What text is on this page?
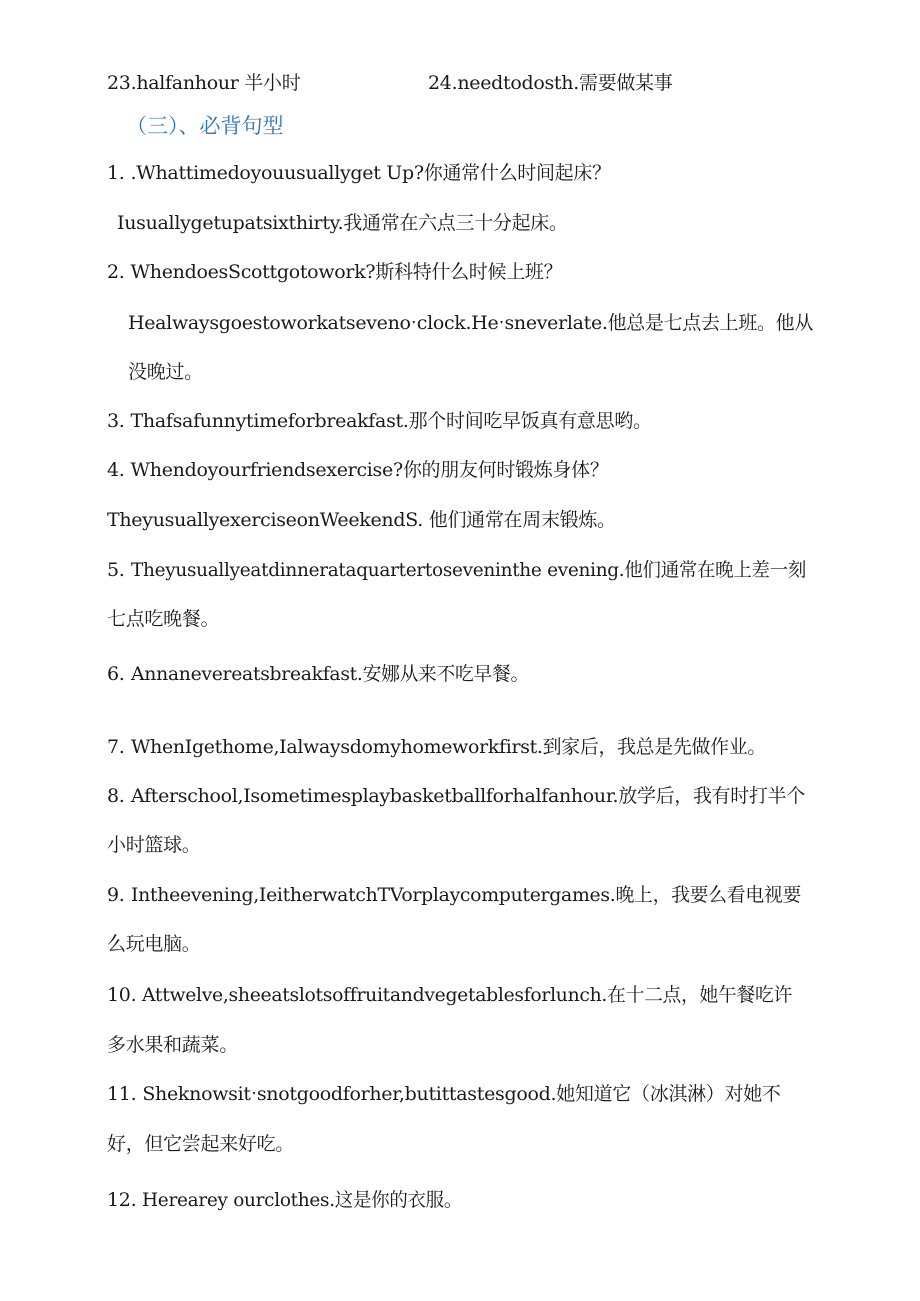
23.halfanhour 半小时	24.needtodosth.需要做某事
（三）、必背句型
1. .Whattimedoyouusuallyget Up?你通常什么时间起床？
Iusuallygetupatsixthirty.我通常在六点三十分起床。
2. WhendoesScottgotowork?斯科特什么时候上班？
Healwaysgoestoworkatsevenoˑclock.Heˑsneverlate.他总是七点去上班。他从
没晚过。
3. Thafsafunnytimeforbreakfast.那个时间吃早饭真有意思哟。
4. Whendoyourfriendsexercise?你的朋友何时锻炼身体？
TheyusuallyexerciseonWeekendS. 他们通常在周末锻炼。
5. Theyusuallyeatdinnerataquartertoseveninthe evening.他们通常在晚上差一刻
七点吃晚餐。
6. Annanevereatsbreakfast.安娜从来不吃早餐。
7. WhenIgethome,Ialwaysdomyhomeworkfirst.到家后，我总是先做作业。
8. Afterschool,Isometimesplaybasketballforhalfanhour.放学后，我有时打半个
小时篮球。
9. Intheevening,IeitherwatchTVorplaycomputergames.晚上，我要么看电视要
么玩电脑。
10. Attwelve,sheeatslotsoffruitandvegetablesforlunch.在十二点，她午餐吃许
多水果和蔬菜。
11. Sheknowsitˑsnotgoodforher,butittastesgood.她知道它（冰淇淋）对她不
好，但它尝起来好吃。
12. Herearey ourclothes.这是你的衣服。
